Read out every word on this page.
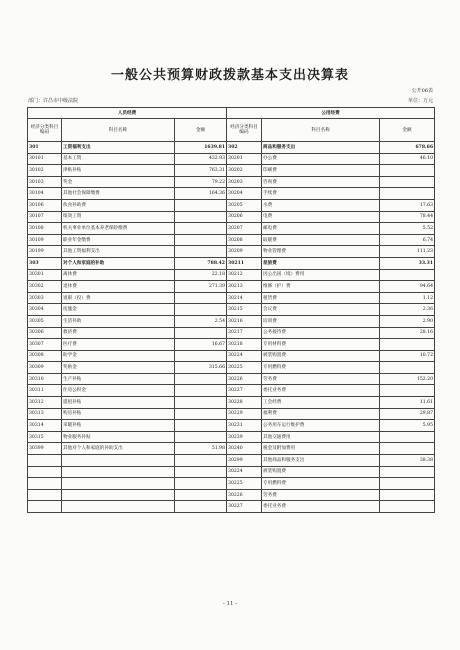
一般公共预算财政拨款基本支出决算表
公开06表
部门：许昌市中级法院	单位：万元
人员经费			公用经费		
经济分类科目编码	科目名称	金额	经济分类科目编码	科目名称	金额
301	工资福利支出	1639.81	302	商品和服务支出	678.66
30101	基本工资	432.93	30201	办公费	46.10
30102	津贴补贴	763.31	30202	印刷费	
30103	奖金	79.22	30203	咨询费	
30104	其他社会保障缴费	164.36	30204	手续费	
30106	伙食补助费		30205	水费	17.63
30107	绩效工资		30206	电费	78.44
30108	机关事业单位基本养老保险缴费		30207	邮电费	5.52
30109	职业年金缴费		30208	取暖费	6.74
30199	其他工资福利支出		30209	物业管理费	111.23
303	对个人和家庭的补助	788.42	30211	差旅费	33.31
30301	离休费	22.18	30212	因公出国（境）费用	
30302	退休费	271.39	30213	维修（护）费	94.64
30303	退职（役）费		30214	租赁费	1.12
30304	抚恤金		30215	会议费	2.36
30305	生活补助	2.54	30216	培训费	2.90
30306	救济费		30217	公务接待费	28.16
30307	医疗费	16.67	30218	专用材料费	
30308	助学金		30224	被装购置费	10.72
30309	奖励金	315.66	30225	专用燃料费	
30310	生产补贴		30226	劳务费	152.20
30311	住房公积金		30227	委托业务费	
30312	提租补贴		30228	工会经费	11.61
30313	购房补贴		30229	福利费	29.87
30314	采暖补贴		30231	公务用车运行维护费	5.95
30315	物业服务补贴		30239	其他交通费用	
30399	其他对个人和家庭的补助支出	51.98	30240	税金及附加费用	
			30299	其他商品和服务支出	38.38
			30224	被装购置费	
			30225	专用燃料费	
			30226	劳务费	
			30227	委托业务费	
- 11 -
